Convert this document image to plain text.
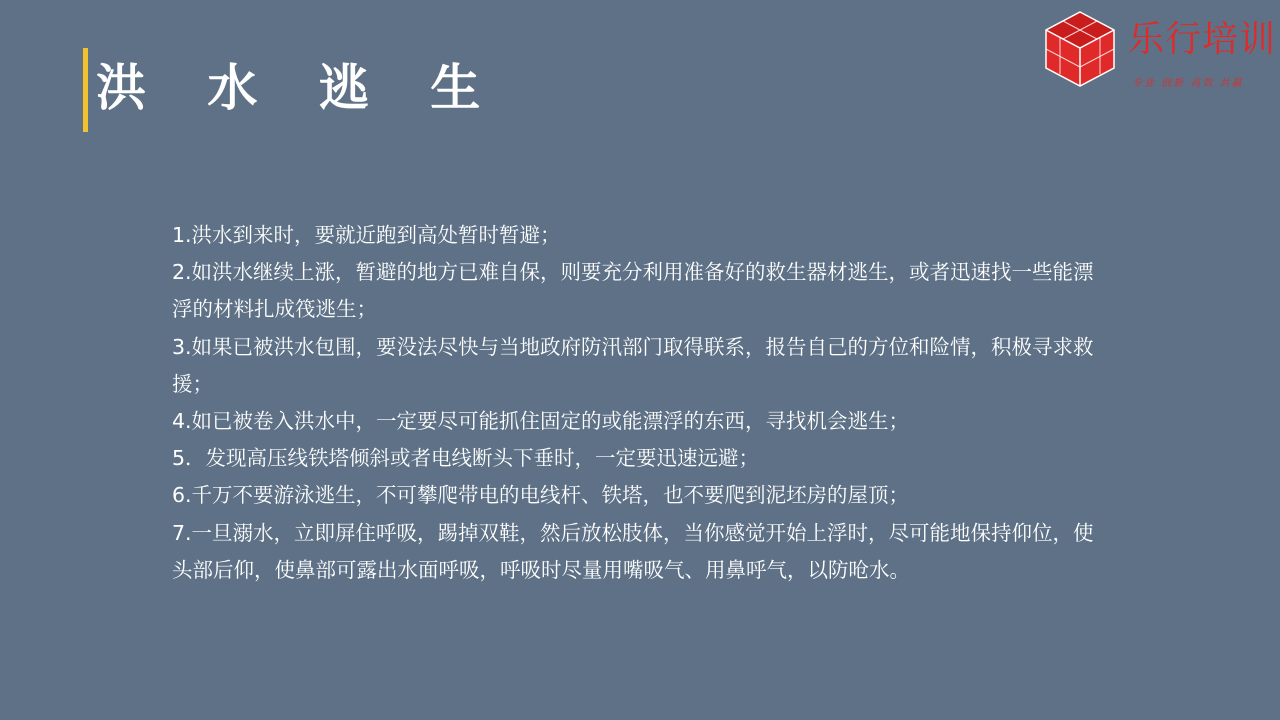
洪 水 逃 生
乐行培训
专业 创新 高效 共赢

1.洪水到来时，要就近跑到高处暂时暂避；

2.如洪水继续上涨，暂避的地方已难自保，则要充分利用准备好的救生器材逃生，或者迅速找一些能漂浮的材料扎成筏逃生；

3.如果已被洪水包围，要没法尽快与当地政府防汛部门取得联系，报告自己的方位和险情，积极寻求救援；

4.如已被卷入洪水中，一定要尽可能抓住固定的或能漂浮的东西，寻找机会逃生；

5．发现高压线铁塔倾斜或者电线断头下垂时，一定要迅速远避；

6.千万不要游泳逃生，不可攀爬带电的电线杆、铁塔，也不要爬到泥坯房的屋顶；

7.一旦溺水，立即屏住呼吸，踢掉双鞋，然后放松肢体，当你感觉开始上浮时，尽可能地保持仰位，使头部后仰，使鼻部可露出水面呼吸，呼吸时尽量用嘴吸气、用鼻呼气，以防呛水。
